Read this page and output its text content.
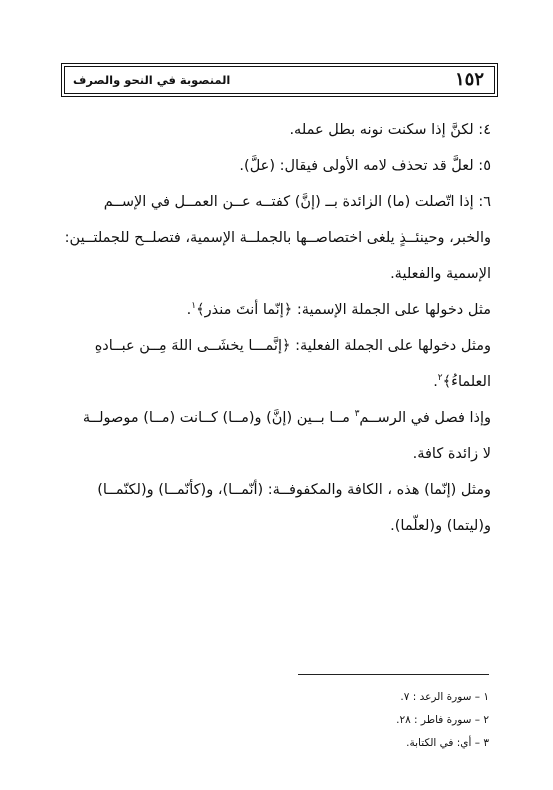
١٥٢
المنصوبة في النحو والصرف
٤: لكنَّ إذا سكنت نونه بطل عمله.
٥: لعلَّ قد تحذف لامه الأولى فيقال: (علَّ).
٦: إذا اتّصلت (ما) الزائدة بــ (إنَّ) كفتــه عــن العمــل في الإســم
والخبر، وحينئــذٍ يلغى اختصاصــها بالجملــة الإسمية، فتصلــح للجملتــين:
الإسمية والفعلية.
مثل دخولها على الجملة الإسمية: ﴿إنّما أنتَ منذر﴾$^١$.
ومثل دخولها على الجملة الفعلية: ﴿إنَّمـــا يخشَــى اللهَ مِــن عبــادهِ
العلماءُ﴾$^٢$.
وإذا فصل في الرســم$^٣$ مــا بــين (إنَّ) و(مــا) كــانت (مــا) موصولــة
لا زائدة كافة.
ومثل (إنّما) هذه ، الكافة والمكفوفــة: (أنّمــا)، و(كأنّمــا) و(لكنّمــا)
و(ليتما) و(لعلّما).
١ – سورة الرعد : ٧.
٢ – سورة فاطر : ٢٨.
٣ – أي: في الكتابة.
